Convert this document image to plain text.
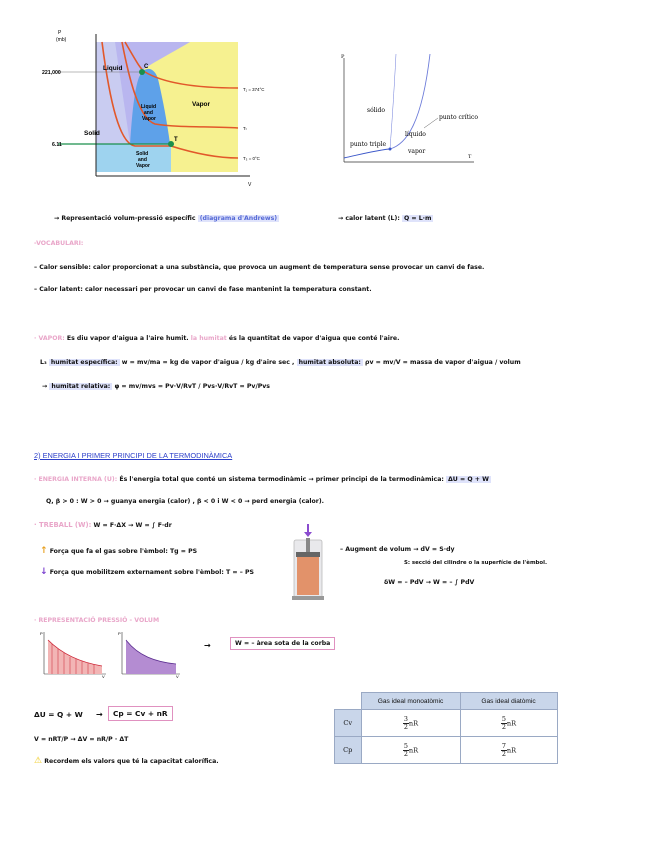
P
(mb)
V
221,000
6.11
Liquid
Solid
Vapor
Liquid
and
Vapor
Solid
and
Vapor
C
T
T₁ = 374°C
Tₜ
T₃ = 0°C
P
T
sólido
líquido
vapor
punto crítico
punto triple
→ Representació volum-pressió específic (diagrama d'Andrews)	→ calor latent (L): Q = L·m
-VOCABULARI:
– Calor sensible: calor proporcionat a una substància, que provoca un augment de temperatura sense provocar un canvi de fase.
– Calor latent: calor necessari per provocar un canvi de fase mantenint la temperatura constant.
· VAPOR: Es diu vapor d'aigua a l'aire humit. la humitat és la quantitat de vapor d'aigua que conté l'aire.
L₃ humitat específica: w = mv/ma = kg de vapor d'aigua / kg d'aire sec , humitat absoluta: ρv = mv/V = massa de vapor d'aigua / volum
→ humitat relativa: φ = mv/mvs = Pv·V/RvT / Pvs·V/RvT = Pv/Pvs
2) ENERGIA I PRIMER PRINCIPI DE LA TERMODINÀMICA
· ENERGIA INTERNA (U): És l'energia total que conté un sistema termodinàmic → primer principi de la termodinàmica: ΔU = Q + W
Q, β > 0 : W > 0 → guanya energia (calor) , β < 0 i W < 0 → perd energia (calor).
· TREBALL (W): W = F·ΔX → W = ∫ F·dr
↑ Força que fa el gas sobre l'èmbol: Tg = PS
↓ Força que mobilitzem externament sobre l'èmbol: T = – PS
– Augment de volum → dV = S·dy
S: secció del cilindre o la superfície de l'èmbol.
δW = – PdV → W = – ∫ PdV
· REPRESENTACIÓ PRESSIÓ - VOLUM
P
V
P
V
→	W = – àrea sota de la corba
ΔU = Q + W →	Cp = Cv + nR
V = nRT/P → ΔV = nR/P · ΔT
⚠ Recordem els valors que té la capacitat calorífica.
	Gas ideal monoatòmic	Gas ideal diatòmic
Cv	$\frac{3}{2}$ nR	$\frac{5}{2}$ nR
Cp	$\frac{5}{2}$ nR	$\frac{7}{2}$ nR
